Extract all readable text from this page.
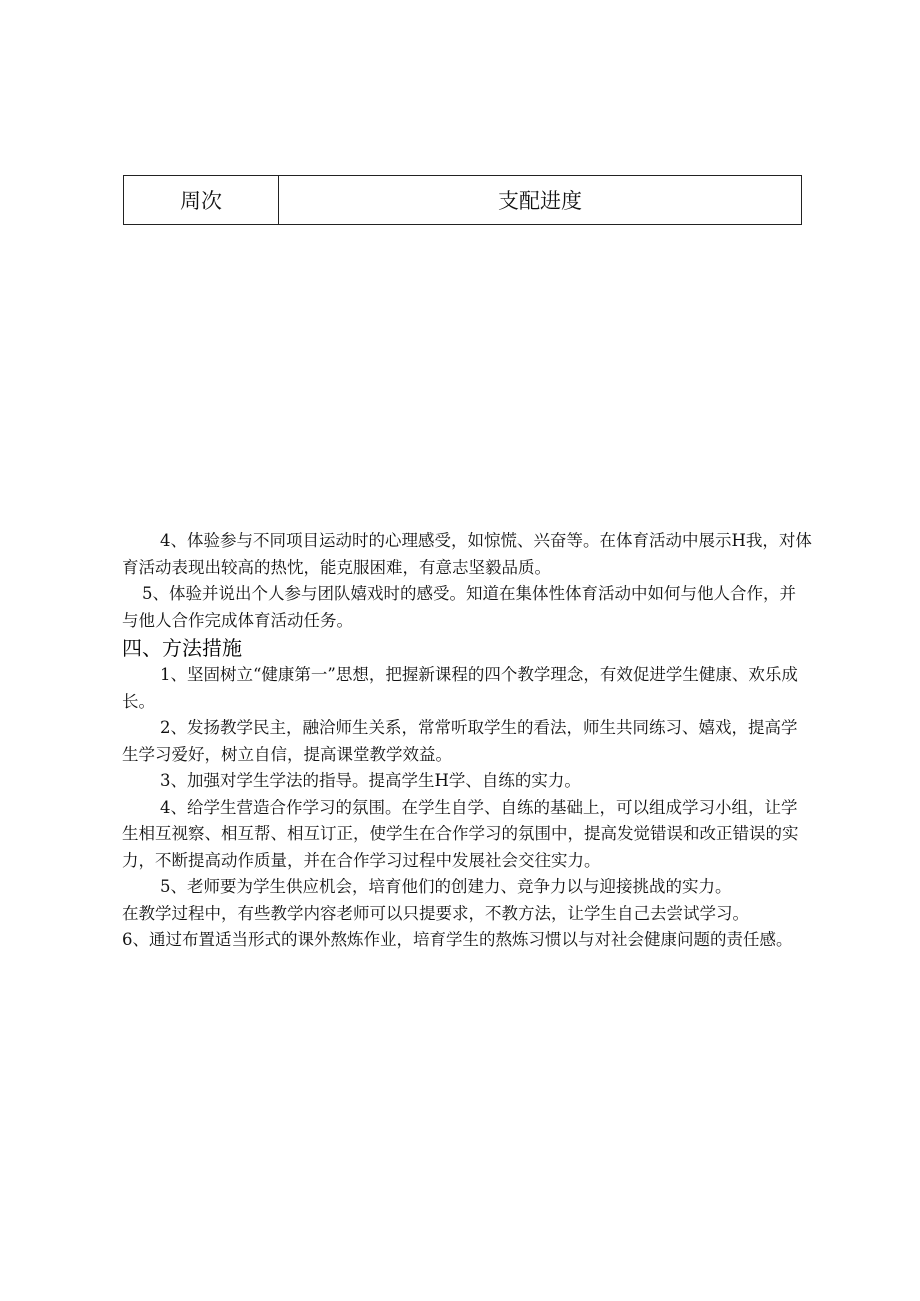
周次	支配进度

4、体验参与不同项目运动时的心理感受，如惊慌、兴奋等。在体育活动中展示H我，对体育活动表现出较高的热忱，能克服困难，有意志坚毅品质。

5、体验并说出个人参与团队嬉戏时的感受。知道在集体性体育活动中如何与他人合作，并与他人合作完成体育活动任务。

四、方法措施

1、坚固树立“健康第一”思想，把握新课程的四个教学理念，有效促进学生健康、欢乐成长。

2、发扬教学民主，融洽师生关系，常常听取学生的看法，师生共同练习、嬉戏，提高学生学习爱好，树立自信，提高课堂教学效益。

3、加强对学生学法的指导。提高学生H学、自练的实力。

4、给学生营造合作学习的氛围。在学生自学、自练的基础上，可以组成学习小组，让学生相互视察、相互帮、相互订正，使学生在合作学习的氛围中，提高发觉错误和改正错误的实力，不断提高动作质量，并在合作学习过程中发展社会交往实力。

5、老师要为学生供应机会，培育他们的创建力、竞争力以与迎接挑战的实力。

在教学过程中，有些教学内容老师可以只提要求，不教方法，让学生自己去尝试学习。

6、通过布置适当形式的课外熬炼作业，培育学生的熬炼习惯以与对社会健康问题的责任感。
